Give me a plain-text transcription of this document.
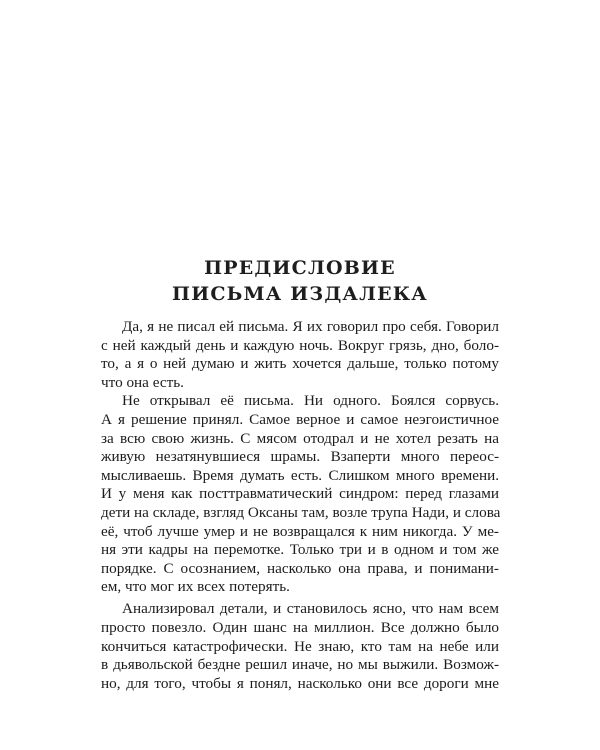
ПРЕДИСЛОВИЕ
ПИСЬМА ИЗДАЛЕКА
Да, я не писал ей письма. Я их говорил про себя. Говорил
с ней каждый день и каждую ночь. Вокруг грязь, дно, боло-
то, а я о ней думаю и жить хочется дальше, только потому
что она есть.
Не открывал её письма. Ни одного. Боялся сорвусь.
А я решение принял. Самое верное и самое неэгоистичное
за всю свою жизнь. С мясом отодрал и не хотел резать на
живую незатянувшиеся шрамы. Взаперти много переос-
мысливаешь. Время думать есть. Слишком много времени.
И у меня как посттравматический синдром: перед глазами
дети на складе, взгляд Оксаны там, возле трупа Нади, и слова
её, чтоб лучше умер и не возвращался к ним никогда. У ме-
ня эти кадры на перемотке. Только три и в одном и том же
порядке. С осознанием, насколько она права, и понимани-
ем, что мог их всех потерять.
Анализировал детали, и становилось ясно, что нам всем
просто повезло. Один шанс на миллион. Все должно было
кончиться катастрофически. Не знаю, кто там на небе или
в дьявольской бездне решил иначе, но мы выжили. Возмож-
но, для того, чтобы я понял, насколько они все дороги мне
